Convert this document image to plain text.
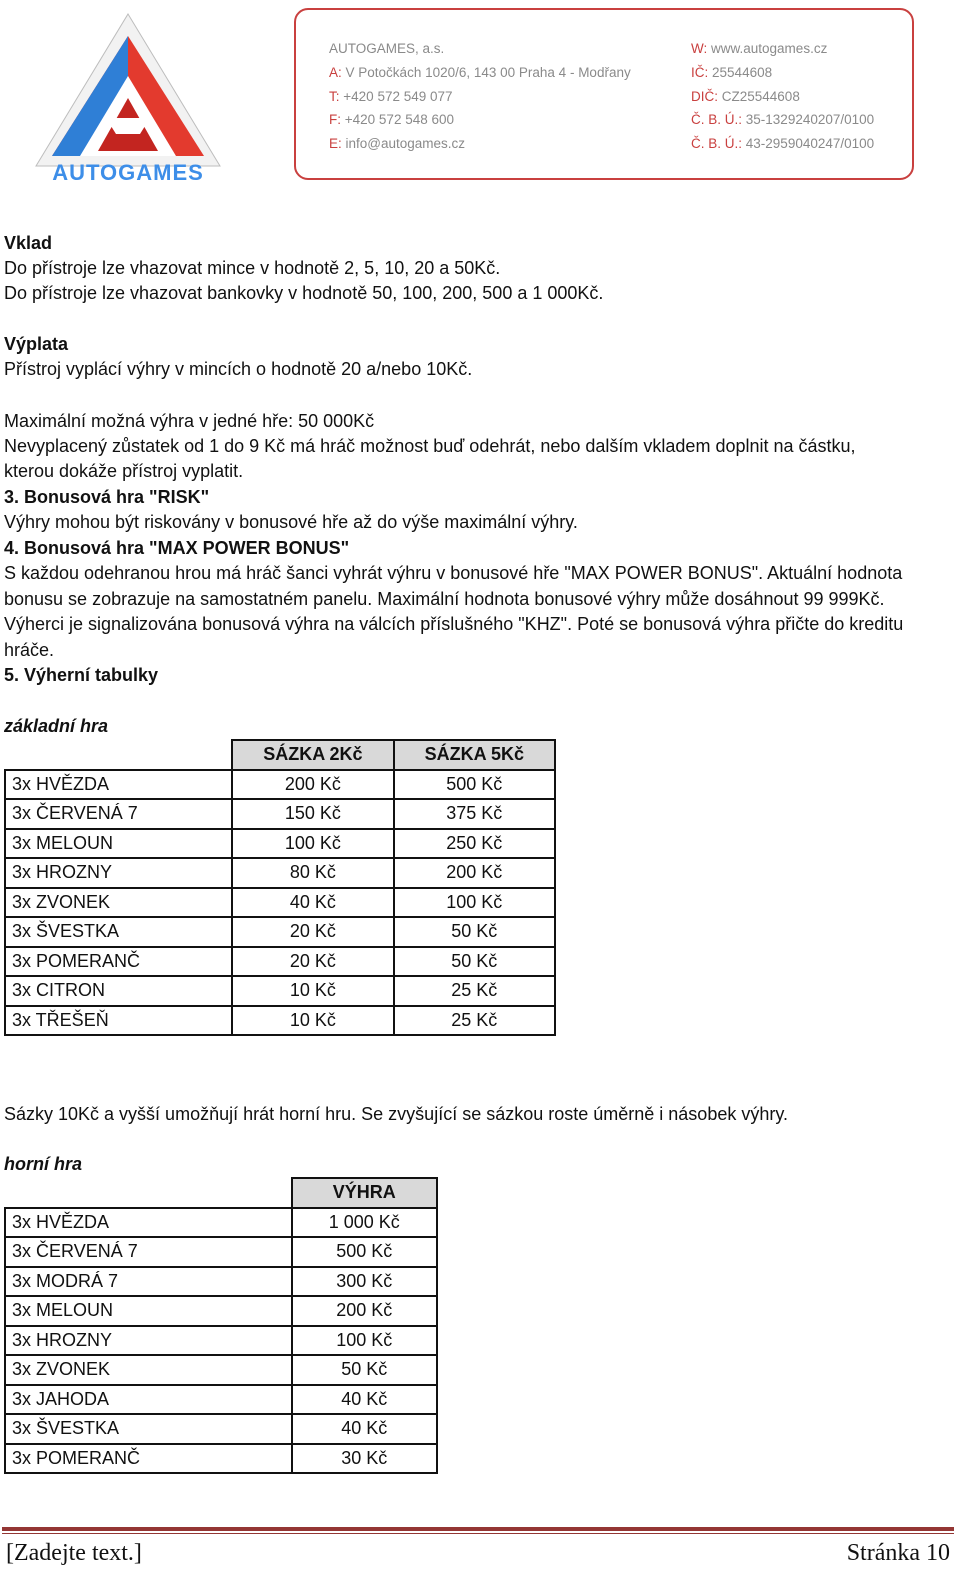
AUTOGAMES
AUTOGAMES, a.s.
A: V Potočkách 1020/6, 143 00 Praha 4 - Modřany
T: +420 572 549 077
F: +420 572 548 600
E: info@autogames.cz
W: www.autogames.cz
IČ: 25544608
DIČ: CZ25544608
Č. B. Ú.: 35-1329240207/0100
Č. B. Ú.: 43-2959040247/0100
Vklad
Do přístroje lze vhazovat mince v hodnotě 2, 5, 10, 20 a 50Kč.
Do přístroje lze vhazovat bankovky v hodnotě 50, 100, 200, 500 a 1 000Kč.
Výplata
Přístroj vyplácí výhry v mincích o hodnotě 20 a/nebo 10Kč.
Maximální možná výhra v jedné hře: 50 000Kč
Nevyplacený zůstatek od 1 do 9 Kč má hráč možnost buď odehrát, nebo dalším vkladem doplnit na částku,
kterou dokáže přístroj vyplatit.
3. Bonusová hra "RISK"
Výhry mohou být riskovány v bonusové hře až do výše maximální výhry.
4. Bonusová hra "MAX POWER BONUS"
S každou odehranou hrou má hráč šanci vyhrát výhru v bonusové hře "MAX POWER BONUS". Aktuální hodnota
bonusu se zobrazuje na samostatném panelu. Maximální hodnota bonusové výhry může dosáhnout 99 999Kč.
Výherci je signalizována bonusová výhra na válcích příslušného "KHZ". Poté se bonusová výhra přičte do kreditu
hráče.
5. Výherní tabulky
základní hra
	SÁZKA 2Kč	SÁZKA 5Kč
3x HVĚZDA	200 Kč	500 Kč
3x ČERVENÁ 7	150 Kč	375 Kč
3x MELOUN	100 Kč	250 Kč
3x HROZNY	80 Kč	200 Kč
3x ZVONEK	40 Kč	100 Kč
3x ŠVESTKA	20 Kč	50 Kč
3x POMERANČ	20 Kč	50 Kč
3x CITRON	10 Kč	25 Kč
3x TŘEŠEŇ	10 Kč	25 Kč
Sázky 10Kč a vyšší umožňují hrát horní hru. Se zvyšující se sázkou roste úměrně i násobek výhry.
horní hra
	VÝHRA
3x HVĚZDA	1 000 Kč
3x ČERVENÁ 7	500 Kč
3x MODRÁ 7	300 Kč
3x MELOUN	200 Kč
3x HROZNY	100 Kč
3x ZVONEK	50 Kč
3x JAHODA	40 Kč
3x ŠVESTKA	40 Kč
3x POMERANČ	30 Kč
[Zadejte text.]	Stránka 10
